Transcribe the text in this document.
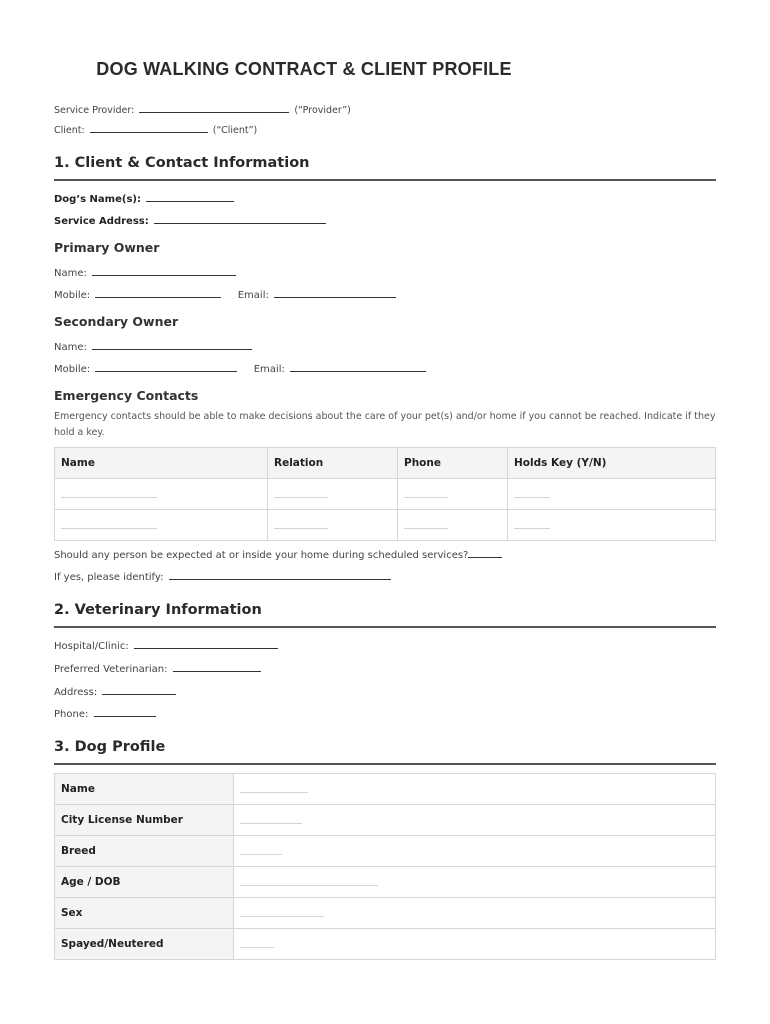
DOG WALKING CONTRACT & CLIENT PROFILE
Service Provider:	(“Provider”)
Client:	(“Client”)
1. Client & Contact Information
Dog’s Name(s):
Service Address:
Primary Owner
Name:
Mobile:	Email:
Secondary Owner
Name:
Mobile:	Email:
Emergency Contacts
Emergency contacts should be able to make decisions about the care of your pet(s) and/or home if you cannot be reached. Indicate if they hold a key.
Name	Relation	Phone	Holds Key (Y/N)

Should any person be expected at or inside your home during scheduled services?
If yes, please identify:
2. Veterinary Information
Hospital/Clinic:
Preferred Veterinarian:
Address:
Phone:
3. Dog Profile
Name	
City License Number	
Breed	
Age / DOB	
Sex	
Spayed/Neutered	
